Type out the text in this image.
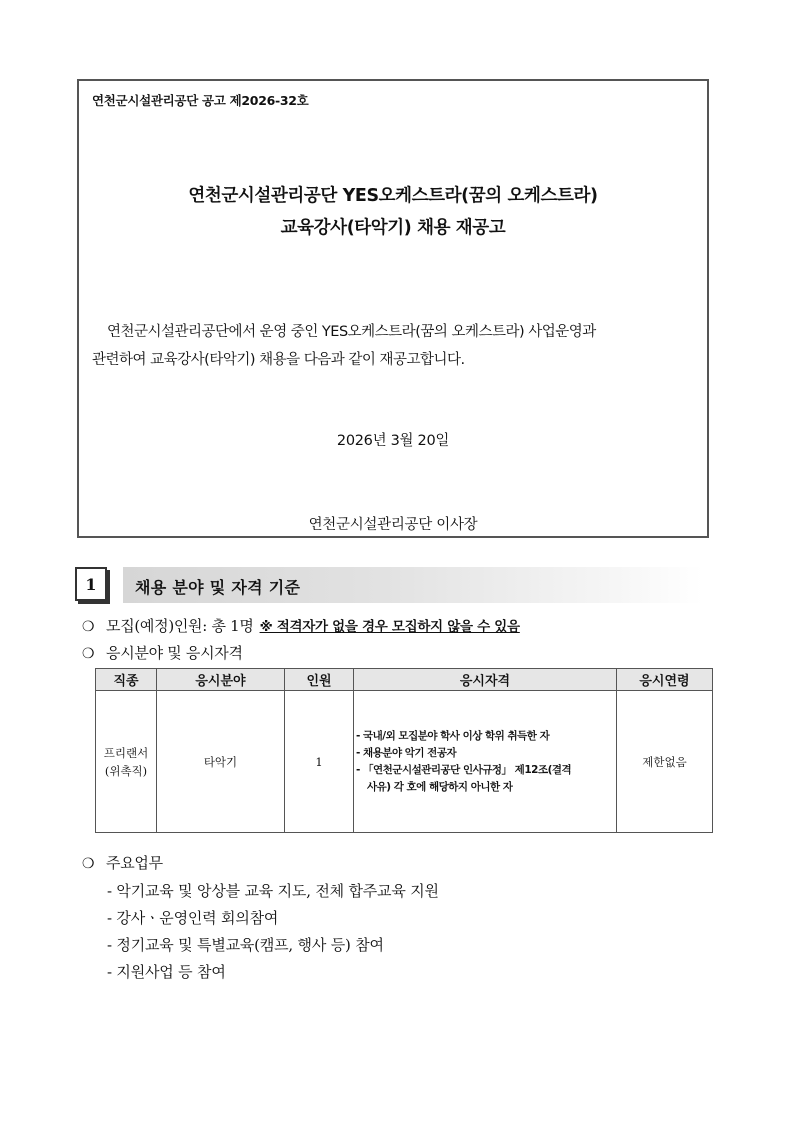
연천군시설관리공단 공고 제2026-32호
연천군시설관리공단 YES오케스트라(꿈의 오케스트라)
교육강사(타악기) 채용 재공고
연천군시설관리공단에서 운영 중인 YES오케스트라(꿈의 오케스트라) 사업운영과
관련하여 교육강사(타악기) 채용을 다음과 같이 재공고합니다.
2026년 3월 20일
연천군시설관리공단 이사장
1	채용 분야 및 자격 기준
❍ 모집(예정)인원: 총 1명 ※ 적격자가 없을 경우 모집하지 않을 수 있음
❍ 응시분야 및 응시자격
직종	응시분야	인원	응시자격	응시연령
프리랜서
(위촉직)	타악기	1	- 국내/외 모집분야 학사 이상 학위 취득한 자
- 채용분야 악기 전공자
- 「연천군시설관리공단 인사규정」 제12조(결격
사유) 각 호에 해당하지 아니한 자	제한없음
❍ 주요업무
- 악기교육 및 앙상블 교육 지도, 전체 합주교육 지원
- 강사ㆍ운영인력 회의참여
- 정기교육 및 특별교육(캠프, 행사 등) 참여
- 지원사업 등 참여
